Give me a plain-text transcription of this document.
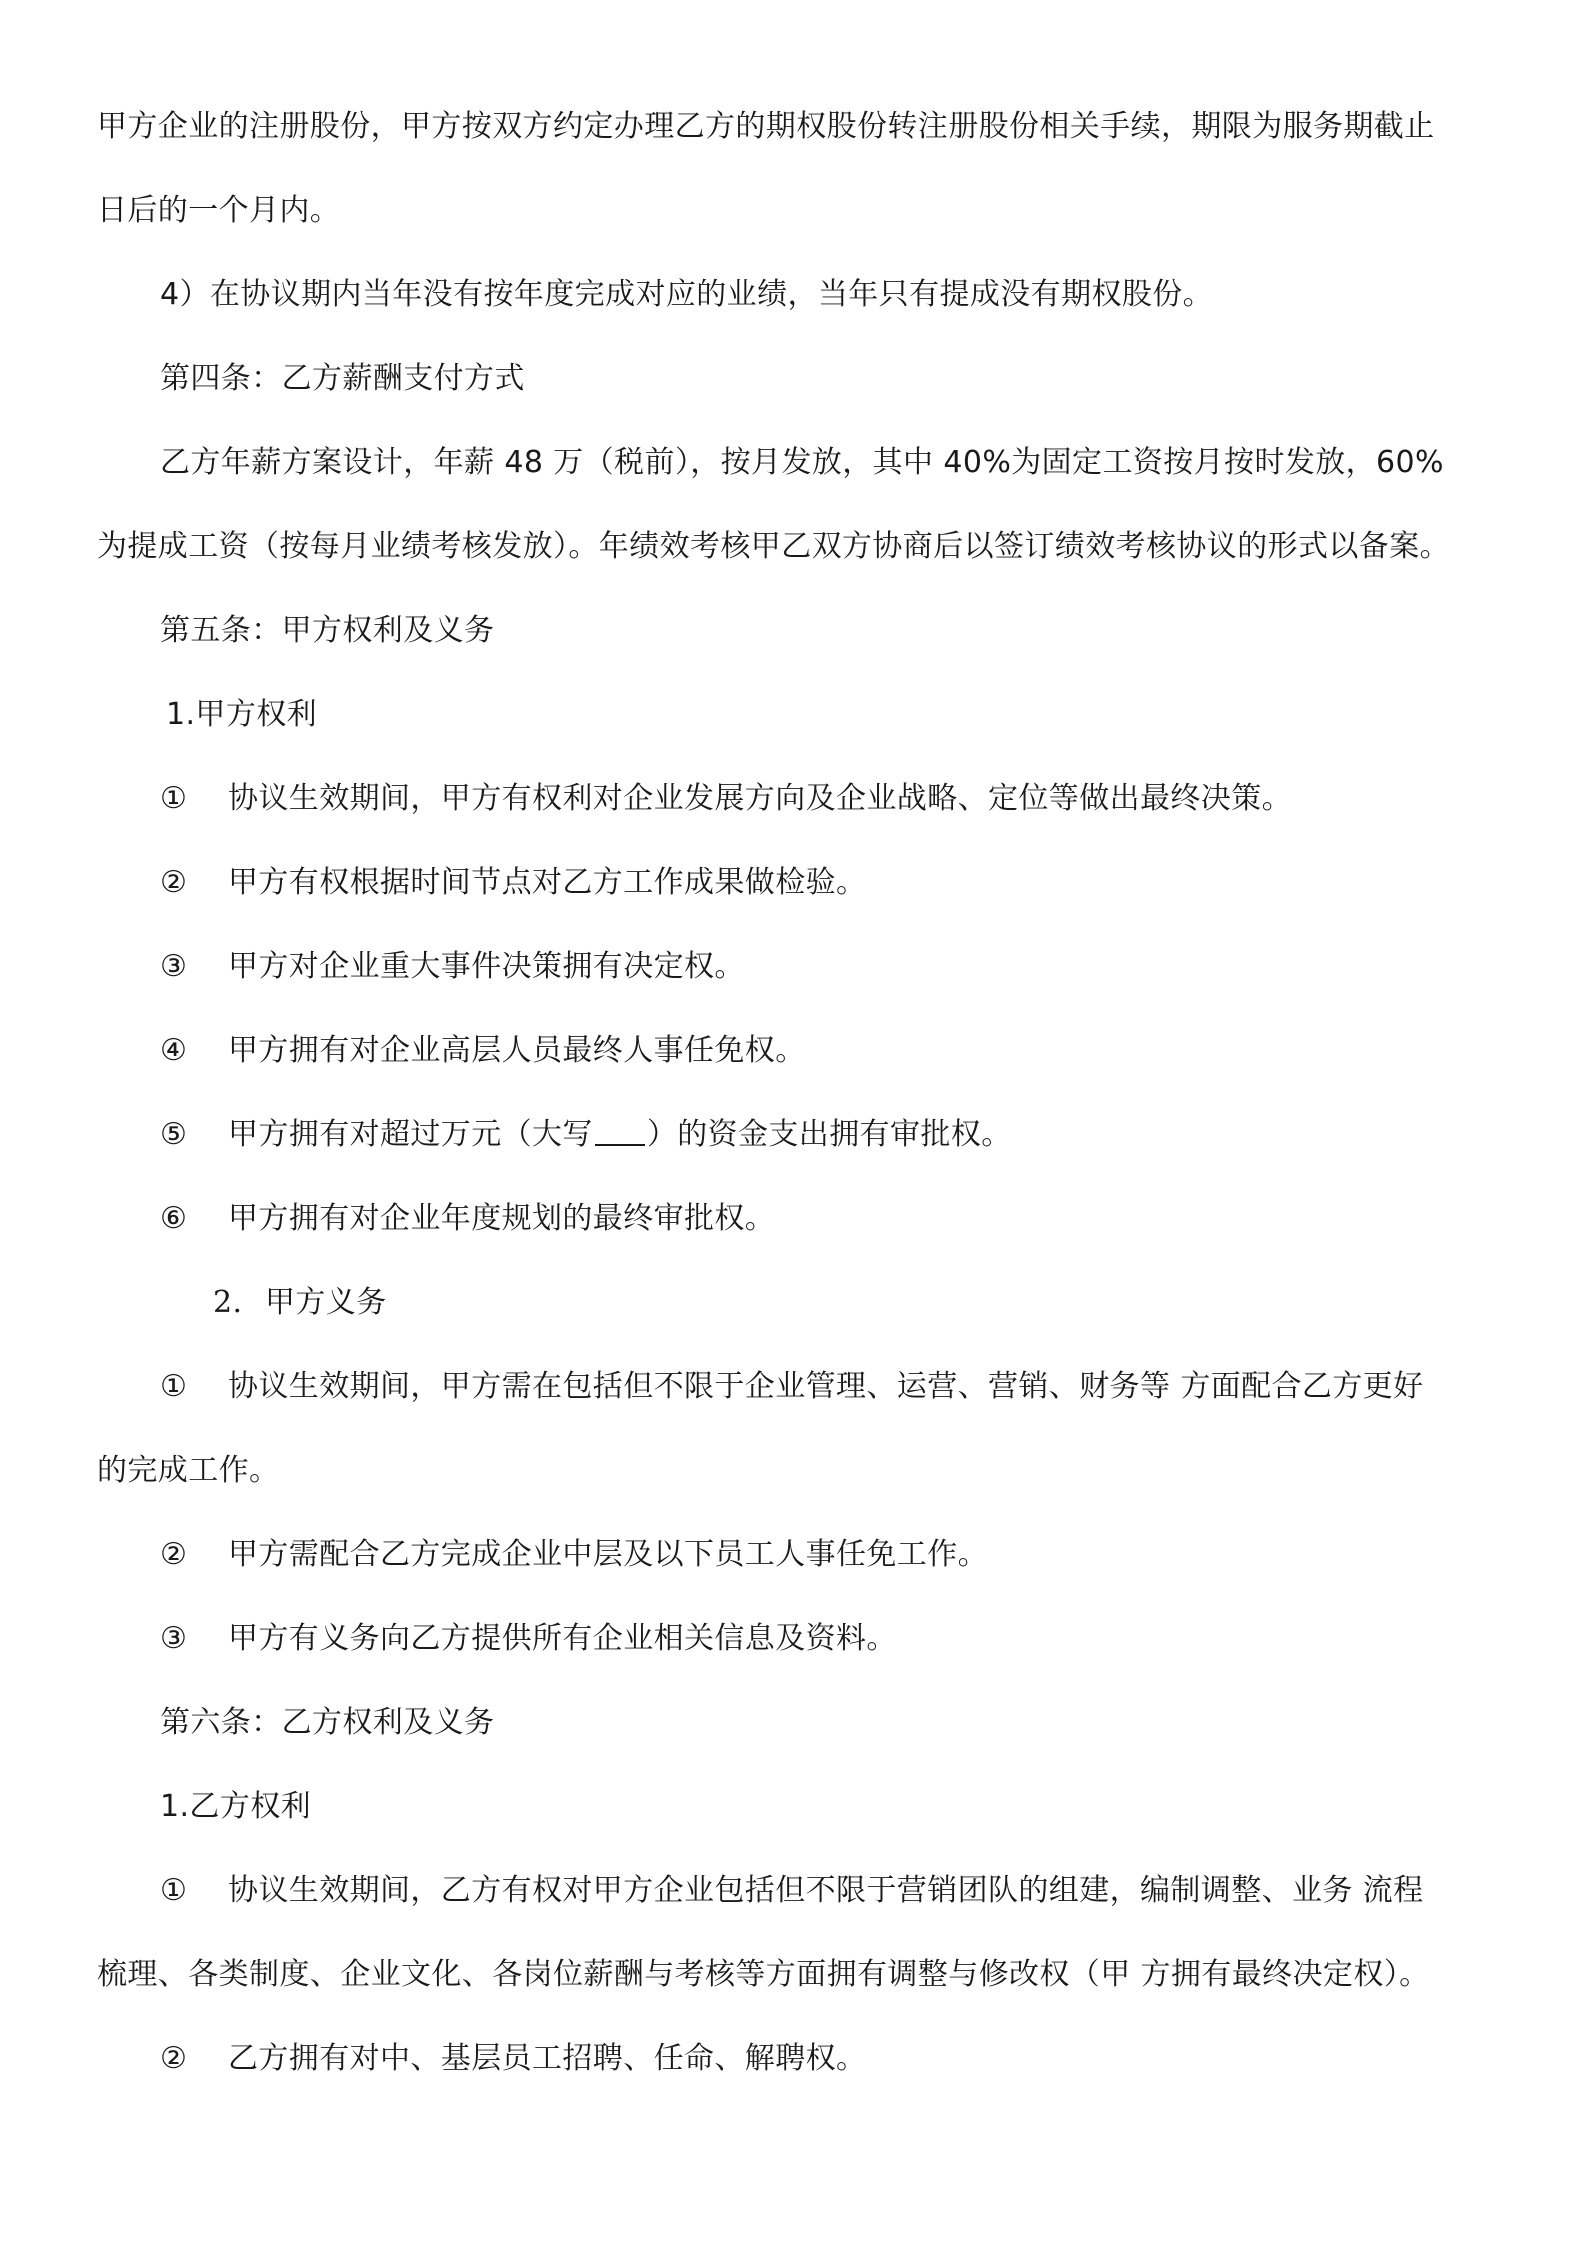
甲方企业的注册股份，甲方按双方约定办理乙方的期权股份转注册股份相关手续，期限为服务期截止
日后的一个月内。
4）在协议期内当年没有按年度完成对应的业绩，当年只有提成没有期权股份。
第四条：乙方薪酬支付方式
乙方年薪方案设计，年薪 48 万（税前），按月发放，其中 40%为固定工资按月按时发放，60%
为提成工资（按每月业绩考核发放）。年绩效考核甲乙双方协商后以签订绩效考核协议的形式以备案。
第五条：甲方权利及义务
1.甲方权利
① 协议生效期间，甲方有权利对企业发展方向及企业战略、定位等做出最终决策。
② 甲方有权根据时间节点对乙方工作成果做检验。
③ 甲方对企业重大事件决策拥有决定权。
④ 甲方拥有对企业高层人员最终人事任免权。
⑤ 甲方拥有对超过万元（大写 ）的资金支出拥有审批权。
⑥ 甲方拥有对企业年度规划的最终审批权。
2. 甲方义务
① 协议生效期间，甲方需在包括但不限于企业管理、运营、营销、财务等 方面配合乙方更好
的完成工作。
② 甲方需配合乙方完成企业中层及以下员工人事任免工作。
③ 甲方有义务向乙方提供所有企业相关信息及资料。
第六条：乙方权利及义务
1.乙方权利
① 协议生效期间，乙方有权对甲方企业包括但不限于营销团队的组建，编制调整、业务 流程
梳理、各类制度、企业文化、各岗位薪酬与考核等方面拥有调整与修改权（甲 方拥有最终决定权）。
② 乙方拥有对中、基层员工招聘、任命、解聘权。
